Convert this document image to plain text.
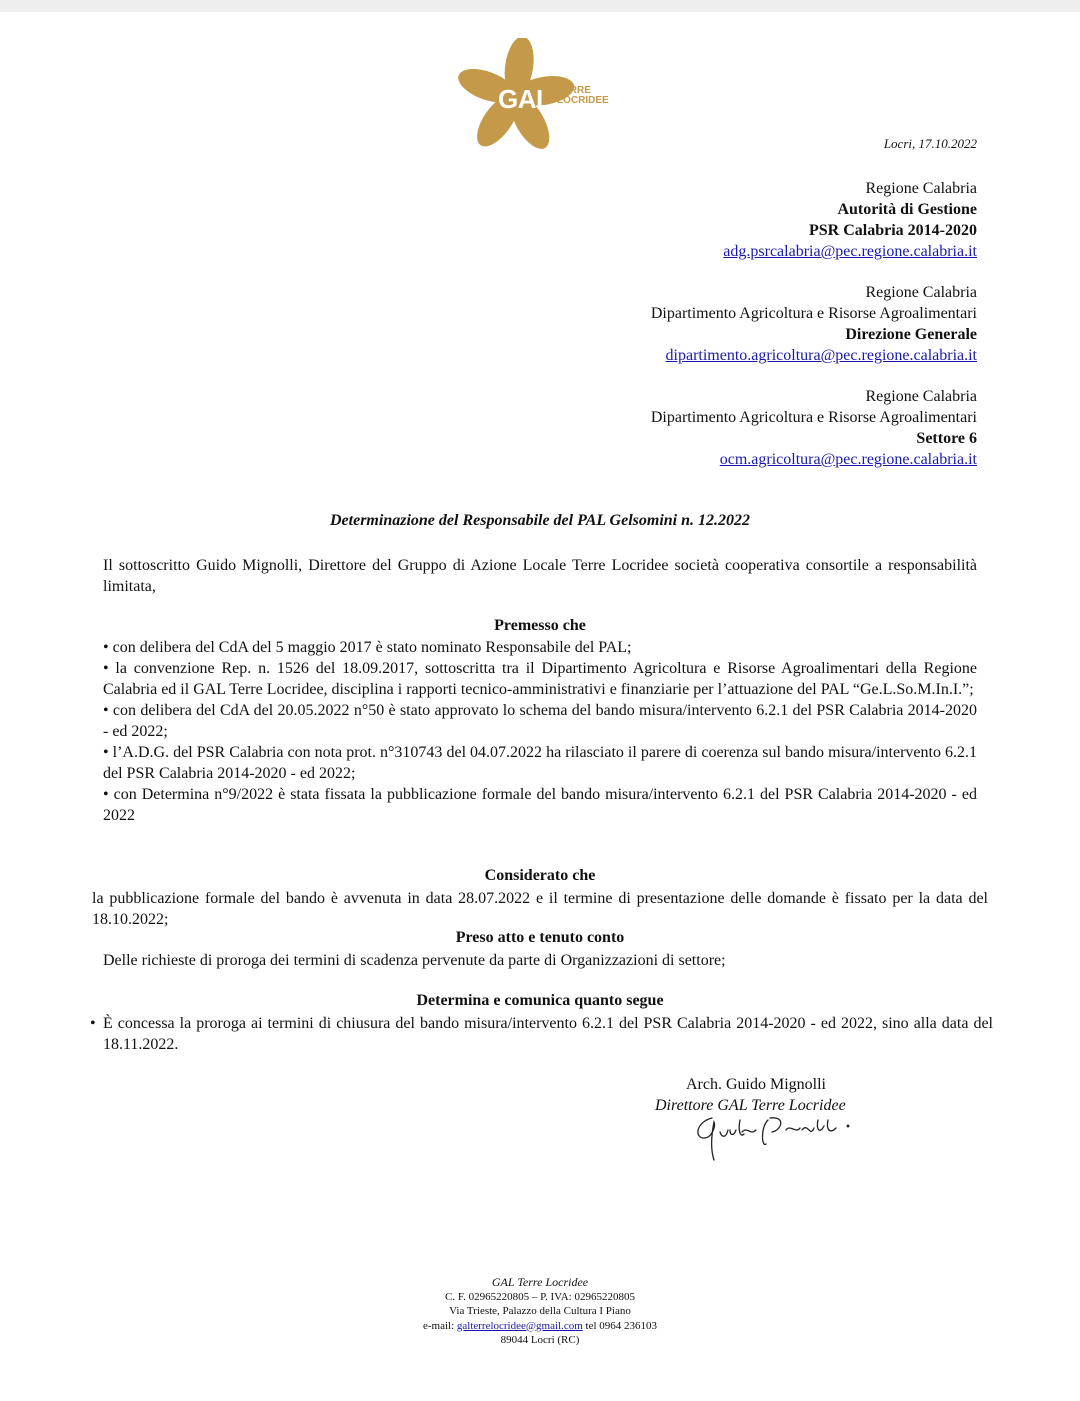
GAL TERRE
LOCRIDEE
Locri, 17.10.2022
Regione Calabria
Autorità di Gestione
PSR Calabria 2014-2020
adg.psrcalabria@pec.regione.calabria.it
Regione Calabria
Dipartimento Agricoltura e Risorse Agroalimentari
Direzione Generale
dipartimento.agricoltura@pec.regione.calabria.it
Regione Calabria
Dipartimento Agricoltura e Risorse Agroalimentari
Settore 6
ocm.agricoltura@pec.regione.calabria.it
Determinazione del Responsabile del PAL Gelsomini n. 12.2022
Il sottoscritto Guido Mignolli, Direttore del Gruppo di Azione Locale Terre Locridee società cooperativa consortile a responsabilità limitata,
Premesso che
• con delibera del CdA del 5 maggio 2017 è stato nominato Responsabile del PAL;
• la convenzione Rep. n. 1526 del 18.09.2017, sottoscritta tra il Dipartimento Agricoltura e Risorse Agroalimentari della Regione Calabria ed il GAL Terre Locridee, disciplina i rapporti tecnico-amministrativi e finanziarie per l’attuazione del PAL “Ge.L.So.M.In.I.”;
• con delibera del CdA del 20.05.2022 n°50 è stato approvato lo schema del bando misura/intervento 6.2.1 del PSR Calabria 2014-2020 - ed 2022;
• l’A.D.G. del PSR Calabria con nota prot. n°310743 del 04.07.2022 ha rilasciato il parere di coerenza sul bando misura/intervento 6.2.1 del PSR Calabria 2014-2020 - ed 2022;
• con Determina n°9/2022 è stata fissata la pubblicazione formale del bando misura/intervento 6.2.1 del PSR Calabria 2014-2020 - ed 2022
Considerato che
la pubblicazione formale del bando è avvenuta in data 28.07.2022 e il termine di presentazione delle domande è fissato per la data del 18.10.2022;
Preso atto e tenuto conto
Delle richieste di proroga dei termini di scadenza pervenute da parte di Organizzazioni di settore;
Determina e comunica quanto segue
• È concessa la proroga ai termini di chiusura del bando misura/intervento 6.2.1 del PSR Calabria 2014-2020 - ed 2022, sino alla data del 18.11.2022.
Arch. Guido Mignolli
Direttore GAL Terre Locridee
GAL Terre Locridee
C. F. 02965220805 – P. IVA: 02965220805
Via Trieste, Palazzo della Cultura I Piano
e-mail: galterrelocridee@gmail.com tel 0964 236103
89044 Locri (RC)
